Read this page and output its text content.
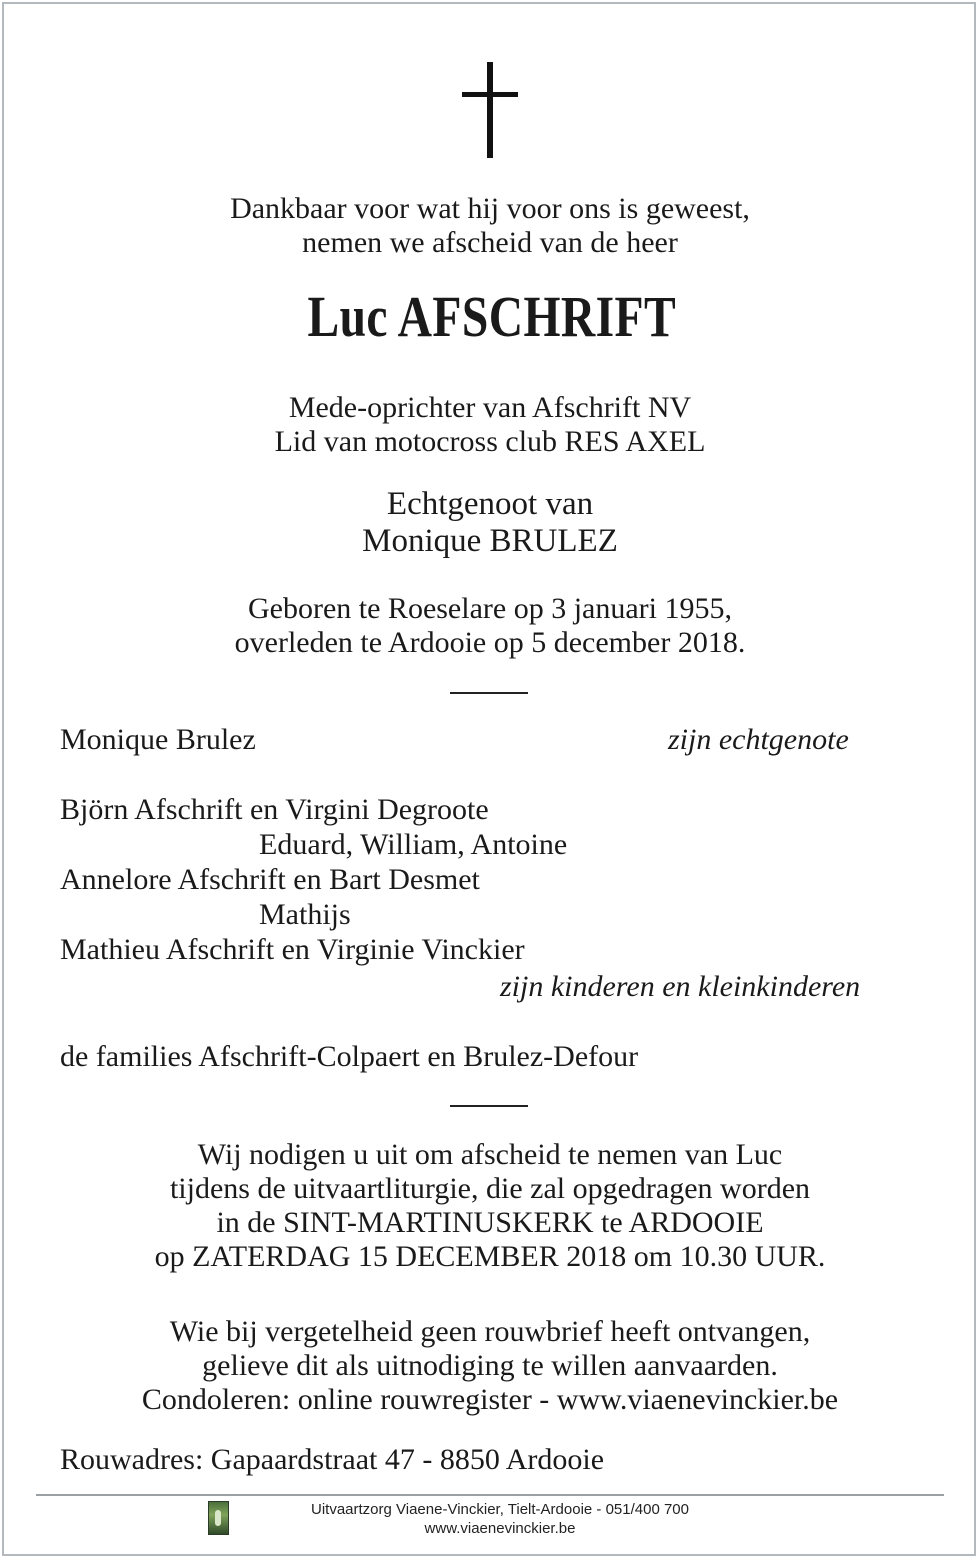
Dankbaar voor wat hij voor ons is geweest,
nemen we afscheid van de heer
Luc AFSCHRIFT
Mede-oprichter van Afschrift NV
Lid van motocross club RES AXEL
Echtgenoot van
Monique BRULEZ
Geboren te Roeselare op 3 januari 1955,
overleden te Ardooie op 5 december 2018.
Monique Brulez	zijn echtgenote
Björn Afschrift en Virgini Degroote
Eduard, William, Antoine
Annelore Afschrift en Bart Desmet
Mathijs
Mathieu Afschrift en Virginie Vinckier
zijn kinderen en kleinkinderen
de families Afschrift-Colpaert en Brulez-Defour
Wij nodigen u uit om afscheid te nemen van Luc
tijdens de uitvaartliturgie, die zal opgedragen worden
in de SINT-MARTINUSKERK te ARDOOIE
op ZATERDAG 15 DECEMBER 2018 om 10.30 UUR.
Wie bij vergetelheid geen rouwbrief heeft ontvangen,
gelieve dit als uitnodiging te willen aanvaarden.
Condoleren: online rouwregister - www.viaenevinckier.be
Rouwadres: Gapaardstraat 47 - 8850 Ardooie
Uitvaartzorg Viaene-Vinckier, Tielt-Ardooie - 051/400 700
www.viaenevinckier.be
